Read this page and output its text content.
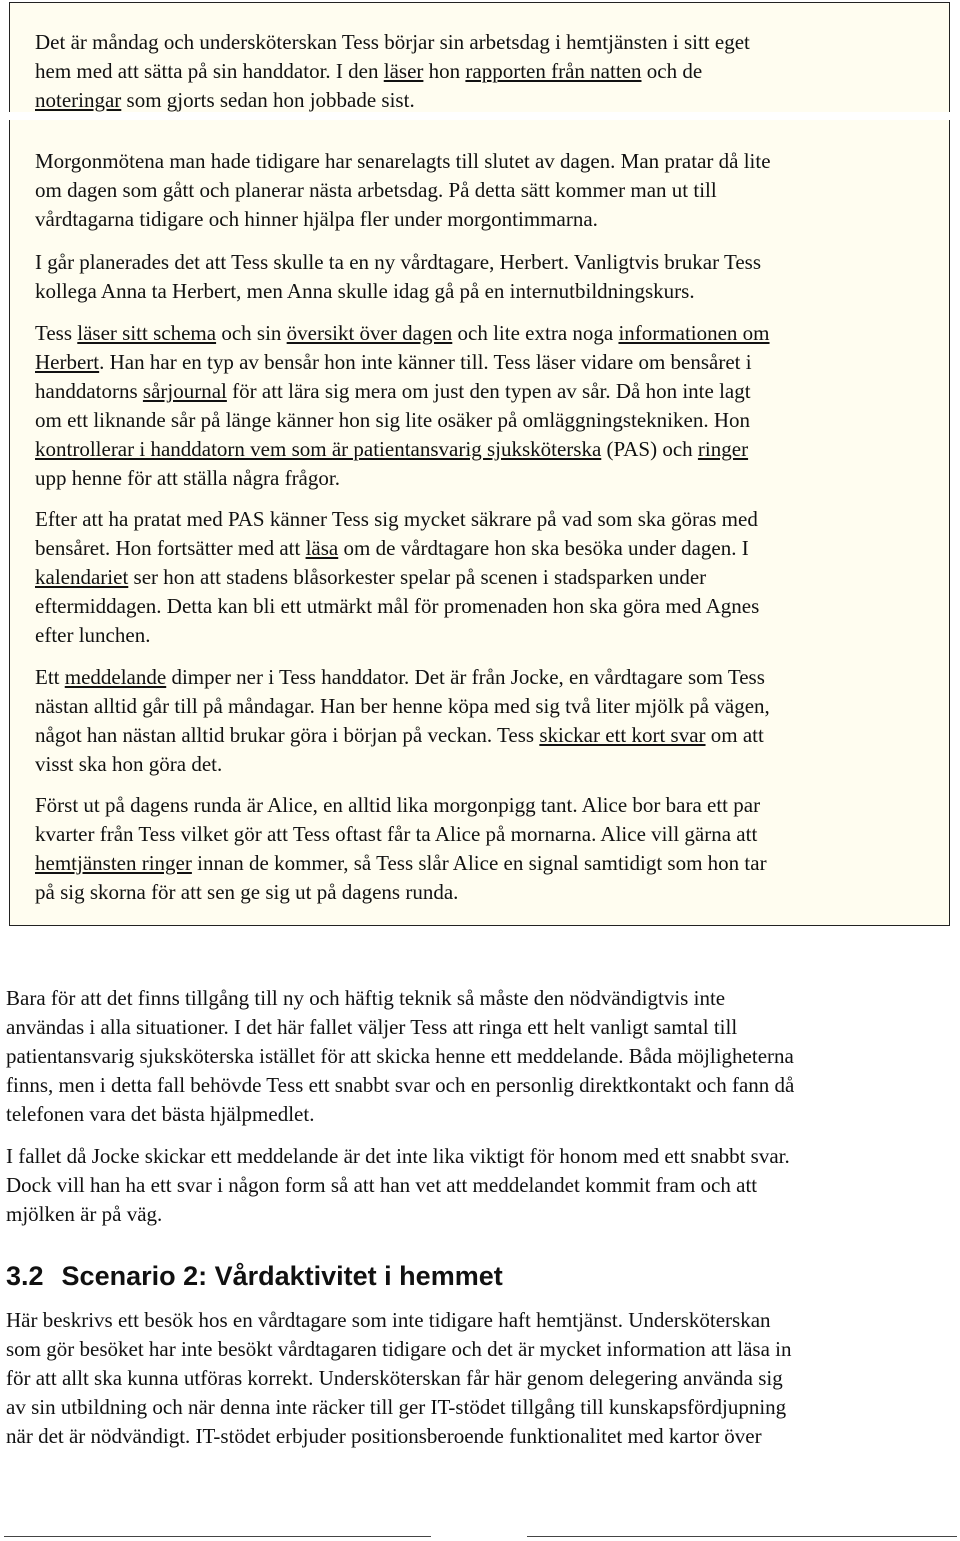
Det är måndag och undersköterskan Tess börjar sin arbetsdag i hemtjänsten i sitt eget
hem med att sätta på sin handdator. I den läser hon rapporten från natten och de
noteringar som gjorts sedan hon jobbade sist.

Morgonmötena man hade tidigare har senarelagts till slutet av dagen. Man pratar då lite
om dagen som gått och planerar nästa arbetsdag. På detta sätt kommer man ut till
vårdtagarna tidigare och hinner hjälpa fler under morgontimmarna.

I går planerades det att Tess skulle ta en ny vårdtagare, Herbert. Vanligtvis brukar Tess
kollega Anna ta Herbert, men Anna skulle idag gå på en internutbildningskurs.

Tess läser sitt schema och sin översikt över dagen och lite extra noga informationen om
Herbert. Han har en typ av bensår hon inte känner till. Tess läser vidare om bensåret i
handdatorns sårjournal för att lära sig mera om just den typen av sår. Då hon inte lagt
om ett liknande sår på länge känner hon sig lite osäker på omläggningstekniken. Hon
kontrollerar i handdatorn vem som är patientansvarig sjuksköterska (PAS) och ringer
upp henne för att ställa några frågor.

Efter att ha pratat med PAS känner Tess sig mycket säkrare på vad som ska göras med
bensåret. Hon fortsätter med att läsa om de vårdtagare hon ska besöka under dagen. I
kalendariet ser hon att stadens blåsorkester spelar på scenen i stadsparken under
eftermiddagen. Detta kan bli ett utmärkt mål för promenaden hon ska göra med Agnes
efter lunchen.

Ett meddelande dimper ner i Tess handdator. Det är från Jocke, en vårdtagare som Tess
nästan alltid går till på måndagar. Han ber henne köpa med sig två liter mjölk på vägen,
något han nästan alltid brukar göra i början på veckan. Tess skickar ett kort svar om att
visst ska hon göra det.

Först ut på dagens runda är Alice, en alltid lika morgonpigg tant. Alice bor bara ett par
kvarter från Tess vilket gör att Tess oftast får ta Alice på mornarna. Alice vill gärna att
hemtjänsten ringer innan de kommer, så Tess slår Alice en signal samtidigt som hon tar
på sig skorna för att sen ge sig ut på dagens runda.

Bara för att det finns tillgång till ny och häftig teknik så måste den nödvändigtvis inte
användas i alla situationer. I det här fallet väljer Tess att ringa ett helt vanligt samtal till
patientansvarig sjuksköterska istället för att skicka henne ett meddelande. Båda möjligheterna
finns, men i detta fall behövde Tess ett snabbt svar och en personlig direktkontakt och fann då
telefonen vara det bästa hjälpmedlet.

I fallet då Jocke skickar ett meddelande är det inte lika viktigt för honom med ett snabbt svar.
Dock vill han ha ett svar i någon form så att han vet att meddelandet kommit fram och att
mjölken är på väg.

3.2 Scenario 2: Vårdaktivitet i hemmet

Här beskrivs ett besök hos en vårdtagare som inte tidigare haft hemtjänst. Undersköterskan
som gör besöket har inte besökt vårdtagaren tidigare och det är mycket information att läsa in
för att allt ska kunna utföras korrekt. Undersköterskan får här genom delegering använda sig
av sin utbildning och när denna inte räcker till ger IT-stödet tillgång till kunskapsfördjupning
när det är nödvändigt. IT-stödet erbjuder positionsberoende funktionalitet med kartor över
